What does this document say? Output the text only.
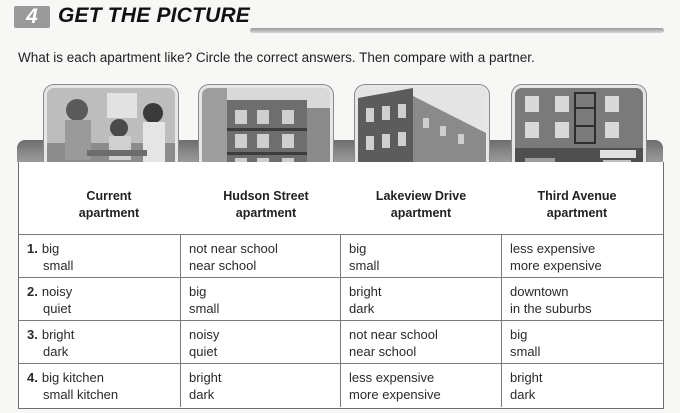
4 GET THE PICTURE
What is each apartment like? Circle the correct answers. Then compare with a partner.
Current
apartment
Hudson Street
apartment
Lakeview Drive
apartment
Third Avenue
apartment
1. big
small
not near school
near school
big
small
less expensive
more expensive
2. noisy
quiet
big
small
bright
dark
downtown
in the suburbs
3. bright
dark
noisy
quiet
not near school
near school
big
small
4. big kitchen
small kitchen
bright
dark
less expensive
more expensive
bright
dark
